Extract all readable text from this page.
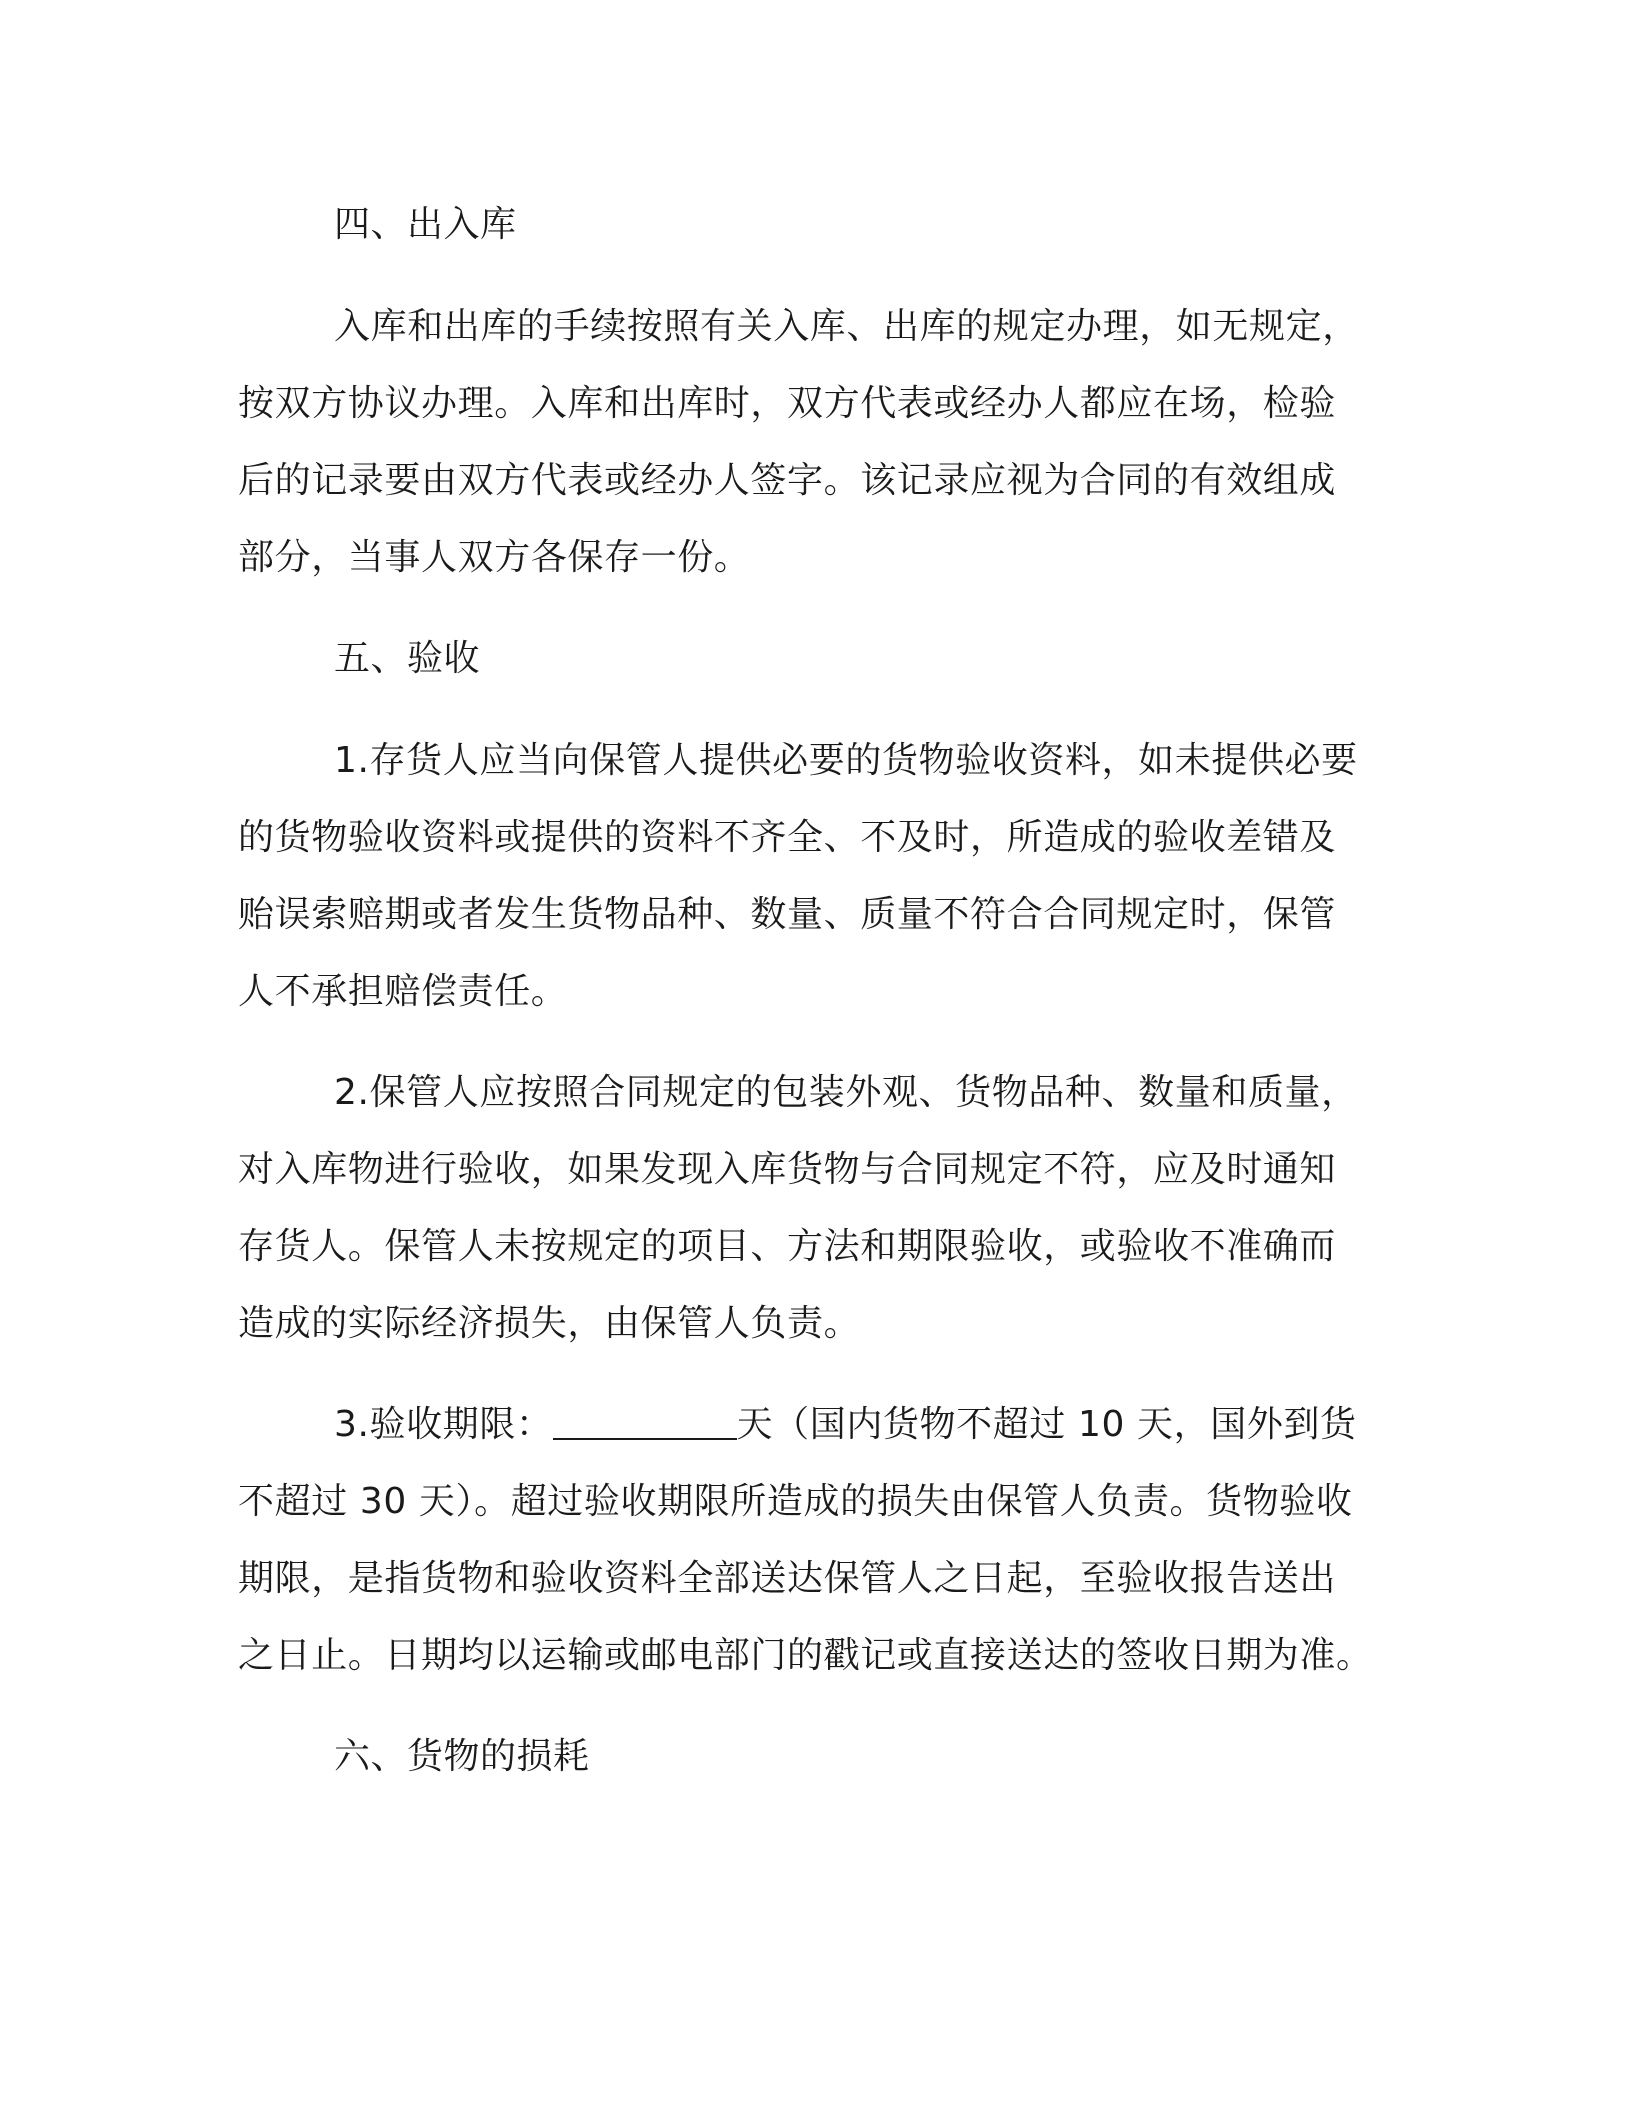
四、出入库

入库和出库的手续按照有关入库、出库的规定办理，如无规定，
按双方协议办理。入库和出库时，双方代表或经办人都应在场，检验
后的记录要由双方代表或经办人签字。该记录应视为合同的有效组成
部分，当事人双方各保存一份。

五、验收

1.存货人应当向保管人提供必要的货物验收资料，如未提供必要
的货物验收资料或提供的资料不齐全、不及时，所造成的验收差错及
贻误索赔期或者发生货物品种、数量、质量不符合合同规定时，保管
人不承担赔偿责任。

2.保管人应按照合同规定的包装外观、货物品种、数量和质量，
对入库物进行验收，如果发现入库货物与合同规定不符，应及时通知
存货人。保管人未按规定的项目、方法和期限验收，或验收不准确而
造成的实际经济损失，由保管人负责。

3.验收期限：	天（国内货物不超过 10 天，国外到货
不超过 30 天）。超过验收期限所造成的损失由保管人负责。货物验收
期限，是指货物和验收资料全部送达保管人之日起，至验收报告送出
之日止。日期均以运输或邮电部门的戳记或直接送达的签收日期为准。

六、货物的损耗
